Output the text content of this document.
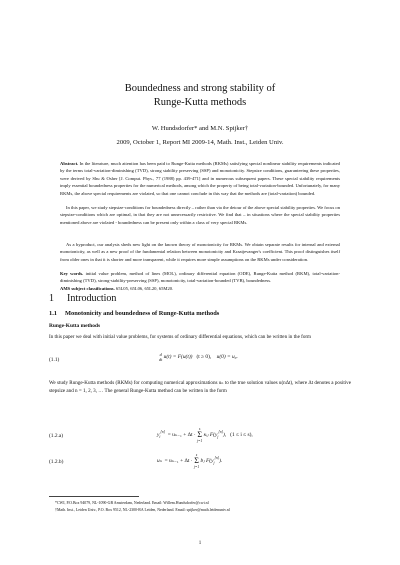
Boundedness and strong stability of
Runge-Kutta methods
W. Hundsdorfer* and M.N. Spijker†
2009, October 1, Report MI 2009-14, Math. Inst., Leiden Univ.
Abstract. In the literature, much attention has been paid to Runge-Kutta methods (RKMs) satisfying special nonlinear stability requirements indicated by the terms total-variation-diminishing (TVD), strong stability preserving (SSP) and monotonicity. Stepsize conditions, guaranteeing these properties, were derived by Shu & Osher [J. Comput. Phys., 77 (1988) pp. 439-471] and in numerous subsequent papers. These special stability requirements imply essential boundedness properties for the numerical methods, among which the property of being total-variation-bounded. Unfortunately, for many RKMs, the above special requirements are violated, so that one cannot conclude in this way that the methods are (total-variation) bounded.
In this paper, we study stepsize-conditions for boundedness directly – rather than via the detour of the above special stability properties. We focus on stepsize-conditions which are optimal, in that they are not unnecessarily restrictive. We find that – in situations where the special stability properties mentioned above are violated - boundedness can be present only within a class of very special RKMs.
As a byproduct, our analysis sheds new light on the known theory of monotonicity for RKMs. We obtain separate results for internal and external monotonicity, as well as a new proof of the fundamental relation between monotonicity and Kraaijevanger's coefficient. This proof distinguishes itself from older ones in that it is shorter and more transparent, while it requires more simple assumptions on the RKMs under consideration.
Key words. initial value problem, method of lines (MOL), ordinary differential equation (ODE), Runge-Kutta method (RKM), total-variation-diminishing (TVD), strong-stability-preserving (SSP), monotonicity, total-variation-bounded (TVB), boundedness.
AMS subject classifications. 65L05, 65L06, 65L20, 65M20.
1 Introduction
1.1 Monotonicity and boundedness of Runge-Kutta methods
Runge-Kutta methods
In this paper we deal with initial value problems, for systems of ordinary differential equations, which can be written in the form
(1.1)
d
dt u(t) = F(u(t)) (t ≥ 0), u(0) = u₀.
We study Runge-Kutta methods (RKMs) for computing numerical approximations uₙ to the true solution values u(nΔt), where Δt denotes a positive stepsize and n = 1, 2, 3, … The general Runge-Kutta method can be written in the form
(1.2.a)	$y_i[n] = u_{n-1} + \Delta t \cdot s$
Σ
j=1 κᵢⱼ $F(y_j[n])$, (1 ≤ i ≤ s),
(1.2.b)	uₙ = uₙ₋₁ + Δt · s
Σ
j=1 bⱼ $F(y_j[n])$.
*CWI, P.O.Box 94079, NL-1090-GB Amsterdam, Nederland. Email: Willem.Hundsdorfer@cwi.nl
†Math. Inst., Leiden Univ., P.O. Box 9512, NL-2300-RA Leiden, Nederland. Email: spijker@math.leidenuniv.nl
1
